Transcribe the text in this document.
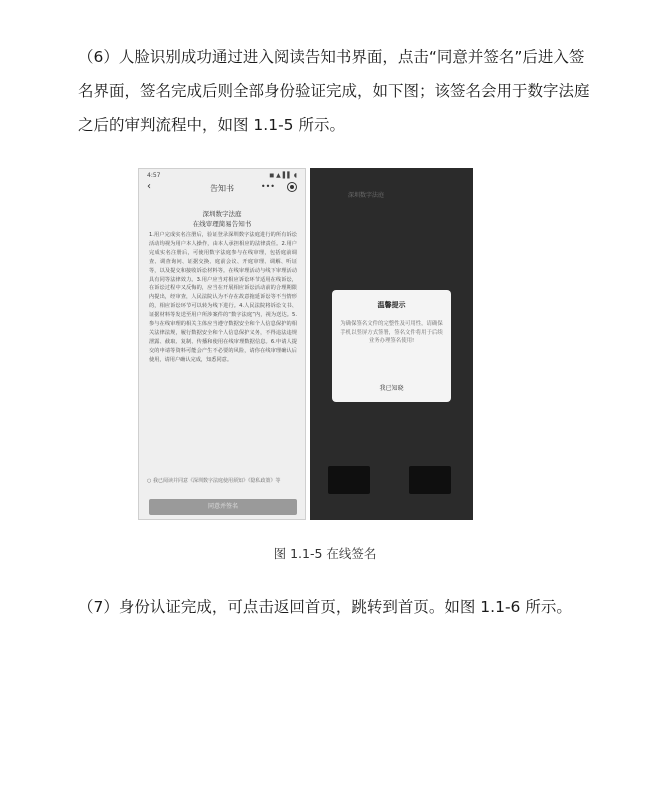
（6）人脸识别成功通过进入阅读告知书界面，点击“同意并签名”后进入签名界面，签名完成后则全部身份验证完成，如下图；该签名会用于数字法庭之后的审判流程中，如图 1.1-5 所示。
4:57	◼ ▲ ▌▌ ◖
‹	告知书	•••
深圳数字法庭
在线审理简易告知书
1.用户完成实名注册后，验证登录深圳数字法庭进行的所有诉讼活动均视为用户本人操作，由本人承担相应的法律责任。2.用户完成实名注册后，可使用数字法庭参与在线审理，包括庭前调查、调查询问、证据交换、庭前会议、开庭审理、调解、听证等，以及提交和接收诉讼材料等。在线审理活动与线下审理活动具有同等法律效力。3.用户应当对相应诉讼环节适用在线诉讼，在诉讼过程中又反悔的，应当在开展相应诉讼活动前的合理期限内提出，经审查，人民法院认为不存在故意拖延诉讼等不当情形的，相应诉讼环节可以转为线下进行。4.人民法院将诉讼文书、证据材料等发送至用户所涉案件的“数字法庭”内，视为送达。5.参与在线审理的相关主体应当遵守数据安全和个人信息保护的相关法律法规，履行数据安全和个人信息保护义务，不得违法违规泄露、截取、复制、传播和使用在线审理数据信息。6.申请人提交的申请等资料可能会产生不必要的风险，请你在线审理确认后使用，请用户确认完成，知悉同意。
○ 我已阅读并同意《深圳数字法庭使用须知》《隐私政策》等
同意并签名
深圳数字法庭
温馨提示
为确保签名文件的完整性及可用性，请确保手机以竖屏方式签署，签名文件将用于后续业务办理签名使用!
我已知晓
图 1.1-5 在线签名
（7）身份认证完成，可点击返回首页，跳转到首页。如图 1.1-6 所示。
